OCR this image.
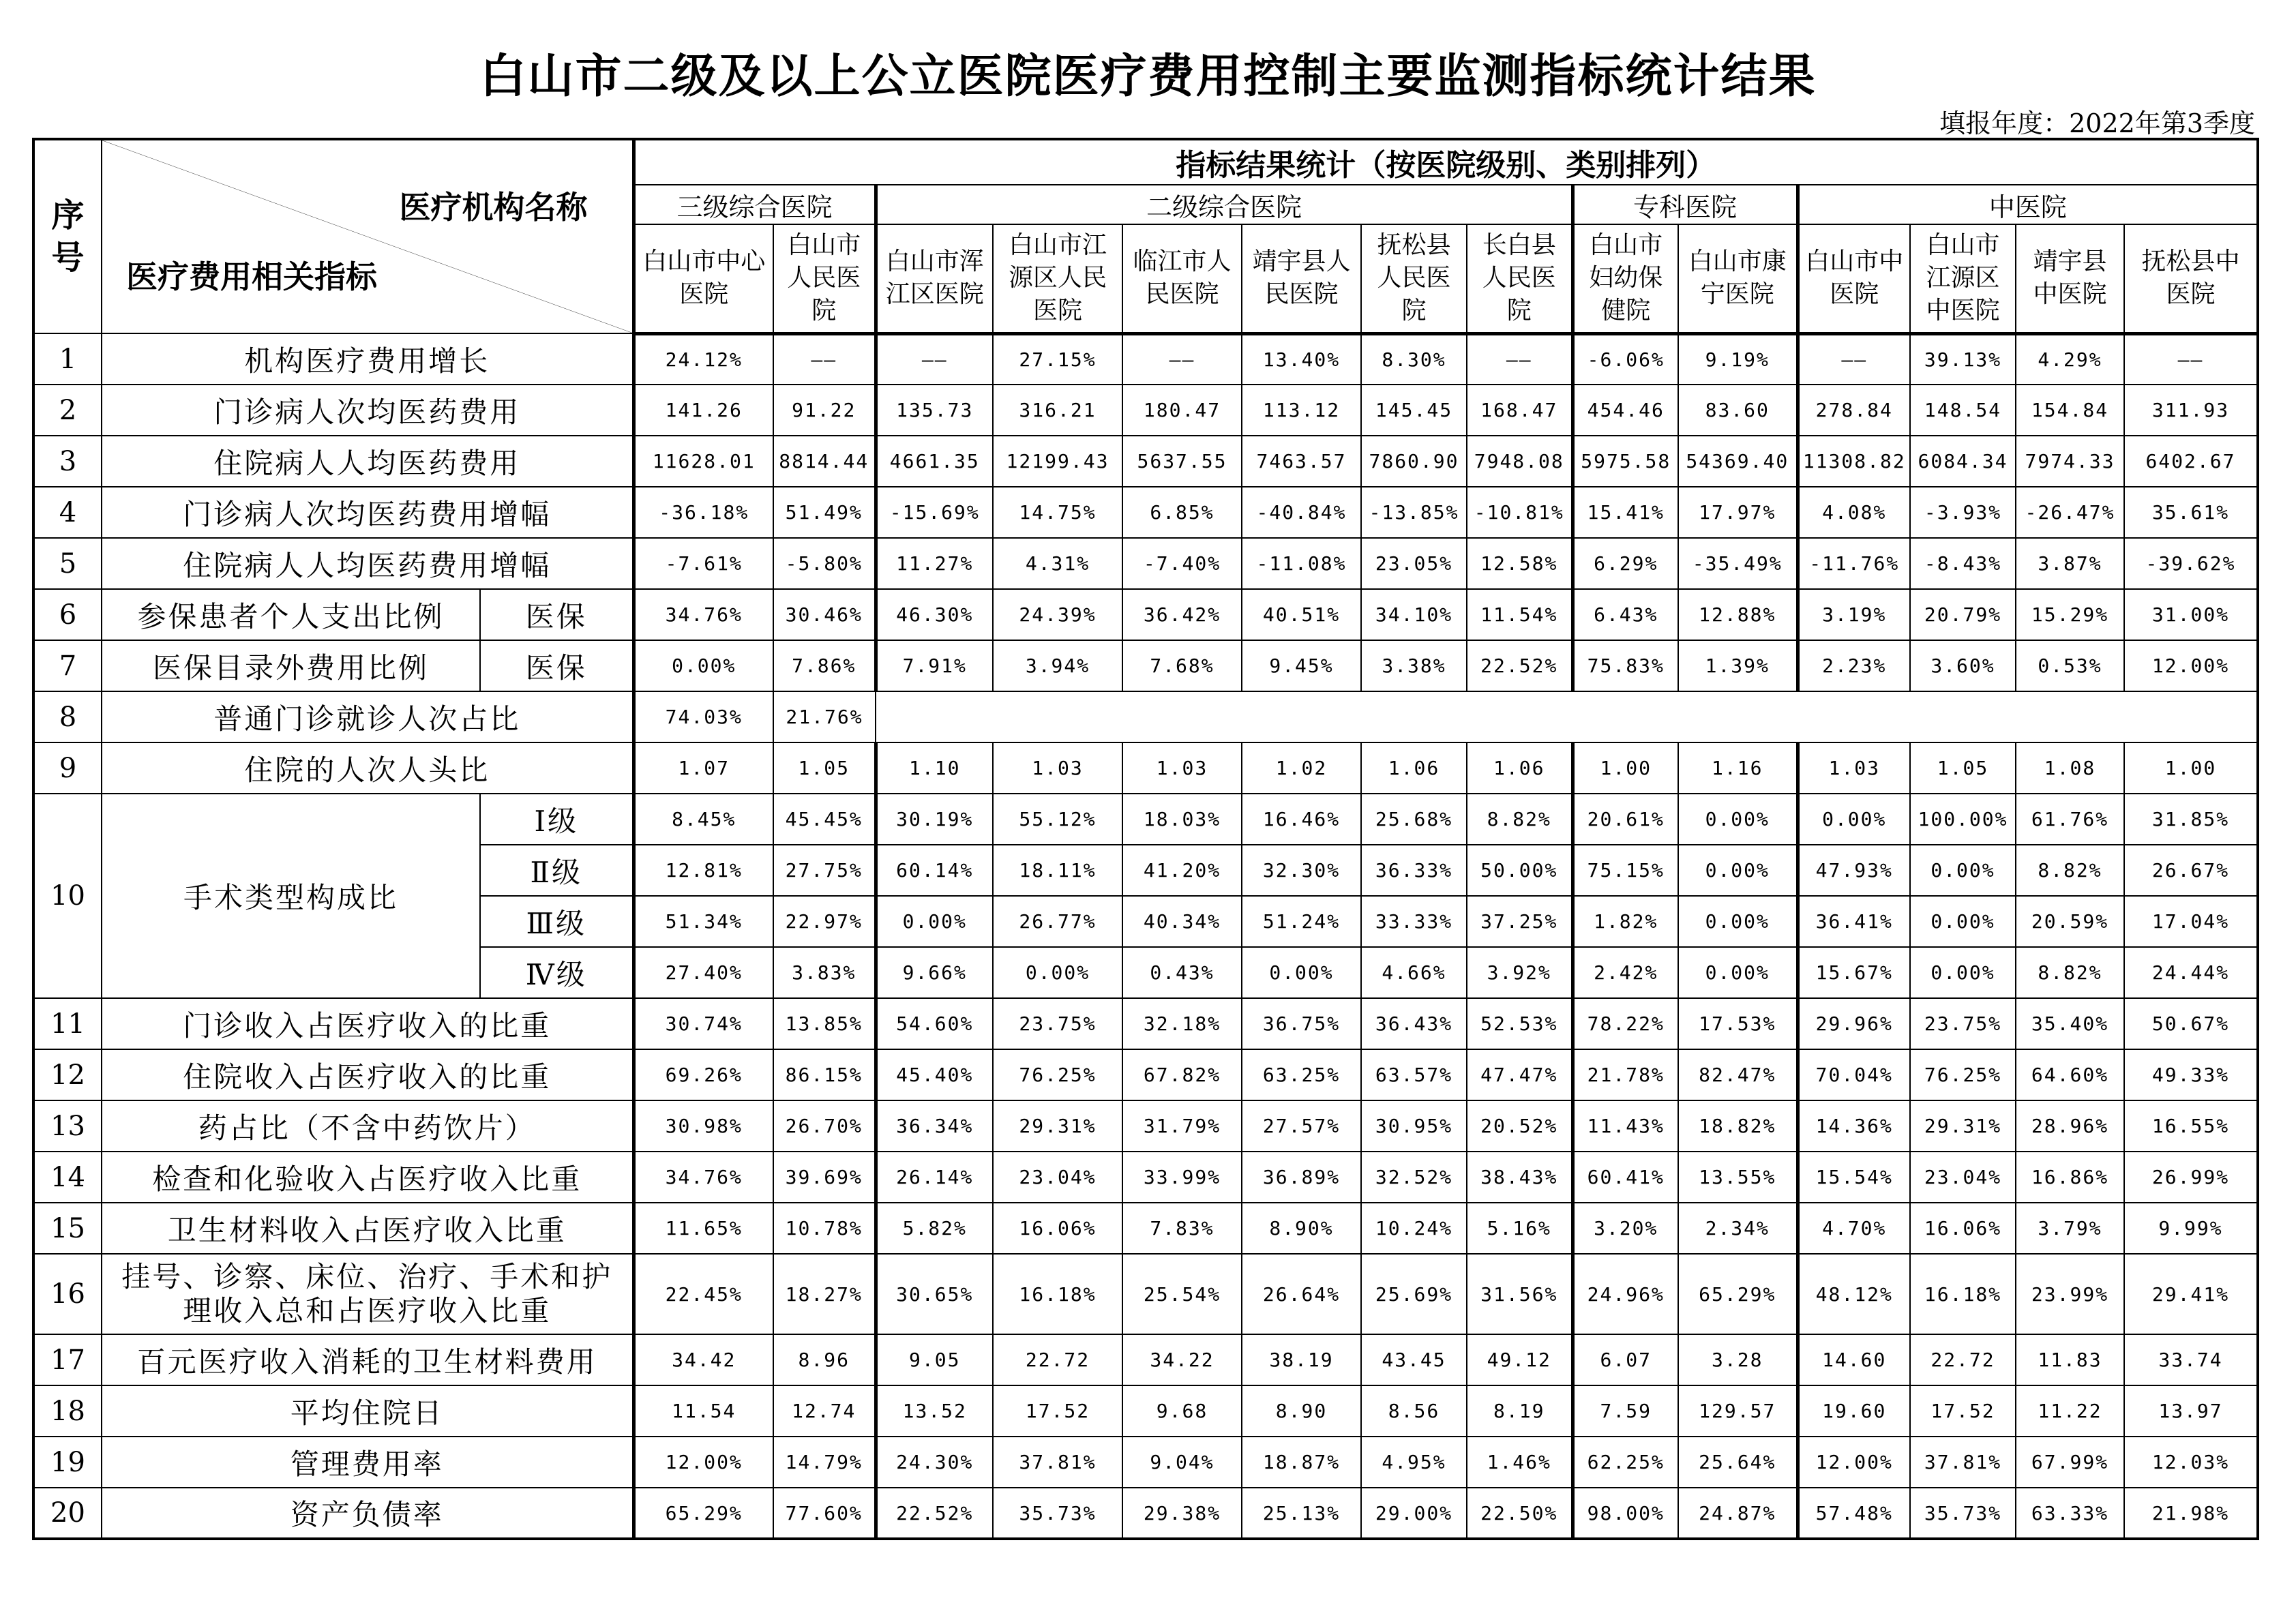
白山市二级及以上公立医院医疗费用控制主要监测指标统计结果
填报年度：2022年第3季度
序号	医疗机构名称
医疗费用相关指标		指标结果统计（按医院级别、类别排列）													
			三级综合医院		二级综合医院						专科医院		中医院			
			白山市中心医院	白山市人民医院	白山市浑江区医院	白山市江源区人民医院	临江市人民医院	靖宇县人民医院	抚松县人民医院	长白县人民医院	白山市妇幼保健院	白山市康宁医院	白山市中医院	白山市江源区中医院	靖宇县中医院	抚松县中医院
1	机构医疗费用增长		24.12%	——	——	27.15%	——	13.40%	8.30%	——	-6.06%	9.19%	——	39.13%	4.29%	——
2	门诊病人次均医药费用		141.26	91.22	135.73	316.21	180.47	113.12	145.45	168.47	454.46	83.60	278.84	148.54	154.84	311.93
3	住院病人人均医药费用		11628.01	8814.44	4661.35	12199.43	5637.55	7463.57	7860.90	7948.08	5975.58	54369.40	11308.82	6084.34	7974.33	6402.67
4	门诊病人次均医药费用增幅		-36.18%	51.49%	-15.69%	14.75%	6.85%	-40.84%	-13.85%	-10.81%	15.41%	17.97%	4.08%	-3.93%	-26.47%	35.61%
5	住院病人人均医药费用增幅		-7.61%	-5.80%	11.27%	4.31%	-7.40%	-11.08%	23.05%	12.58%	6.29%	-35.49%	-11.76%	-8.43%	3.87%	-39.62%
6	参保患者个人支出比例	医保	34.76%	30.46%	46.30%	24.39%	36.42%	40.51%	34.10%	11.54%	6.43%	12.88%	3.19%	20.79%	15.29%	31.00%
7	医保目录外费用比例	医保	0.00%	7.86%	7.91%	3.94%	7.68%	9.45%	3.38%	22.52%	75.83%	1.39%	2.23%	3.60%	0.53%	12.00%
8	普通门诊就诊人次占比		74.03%	21.76%												
9	住院的人次人头比		1.07	1.05	1.10	1.03	1.03	1.02	1.06	1.06	1.00	1.16	1.03	1.05	1.08	1.00
10	手术类型构成比	Ⅰ级	8.45%	45.45%	30.19%	55.12%	18.03%	16.46%	25.68%	8.82%	20.61%	0.00%	0.00%	100.00%	61.76%	31.85%
		Ⅱ级	12.81%	27.75%	60.14%	18.11%	41.20%	32.30%	36.33%	50.00%	75.15%	0.00%	47.93%	0.00%	8.82%	26.67%
		Ⅲ级	51.34%	22.97%	0.00%	26.77%	40.34%	51.24%	33.33%	37.25%	1.82%	0.00%	36.41%	0.00%	20.59%	17.04%
		Ⅳ级	27.40%	3.83%	9.66%	0.00%	0.43%	0.00%	4.66%	3.92%	2.42%	0.00%	15.67%	0.00%	8.82%	24.44%
11	门诊收入占医疗收入的比重		30.74%	13.85%	54.60%	23.75%	32.18%	36.75%	36.43%	52.53%	78.22%	17.53%	29.96%	23.75%	35.40%	50.67%
12	住院收入占医疗收入的比重		69.26%	86.15%	45.40%	76.25%	67.82%	63.25%	63.57%	47.47%	21.78%	82.47%	70.04%	76.25%	64.60%	49.33%
13	药占比（不含中药饮片）		30.98%	26.70%	36.34%	29.31%	31.79%	27.57%	30.95%	20.52%	11.43%	18.82%	14.36%	29.31%	28.96%	16.55%
14	检查和化验收入占医疗收入比重		34.76%	39.69%	26.14%	23.04%	33.99%	36.89%	32.52%	38.43%	60.41%	13.55%	15.54%	23.04%	16.86%	26.99%
15	卫生材料收入占医疗收入比重		11.65%	10.78%	5.82%	16.06%	7.83%	8.90%	10.24%	5.16%	3.20%	2.34%	4.70%	16.06%	3.79%	9.99%
16	挂号、诊察、床位、治疗、手术和护理收入总和占医疗收入比重		22.45%	18.27%	30.65%	16.18%	25.54%	26.64%	25.69%	31.56%	24.96%	65.29%	48.12%	16.18%	23.99%	29.41%
17	百元医疗收入消耗的卫生材料费用		34.42	8.96	9.05	22.72	34.22	38.19	43.45	49.12	6.07	3.28	14.60	22.72	11.83	33.74
18	平均住院日		11.54	12.74	13.52	17.52	9.68	8.90	8.56	8.19	7.59	129.57	19.60	17.52	11.22	13.97
19	管理费用率		12.00%	14.79%	24.30%	37.81%	9.04%	18.87%	4.95%	1.46%	62.25%	25.64%	12.00%	37.81%	67.99%	12.03%
20	资产负债率		65.29%	77.60%	22.52%	35.73%	29.38%	25.13%	29.00%	22.50%	98.00%	24.87%	57.48%	35.73%	63.33%	21.98%
